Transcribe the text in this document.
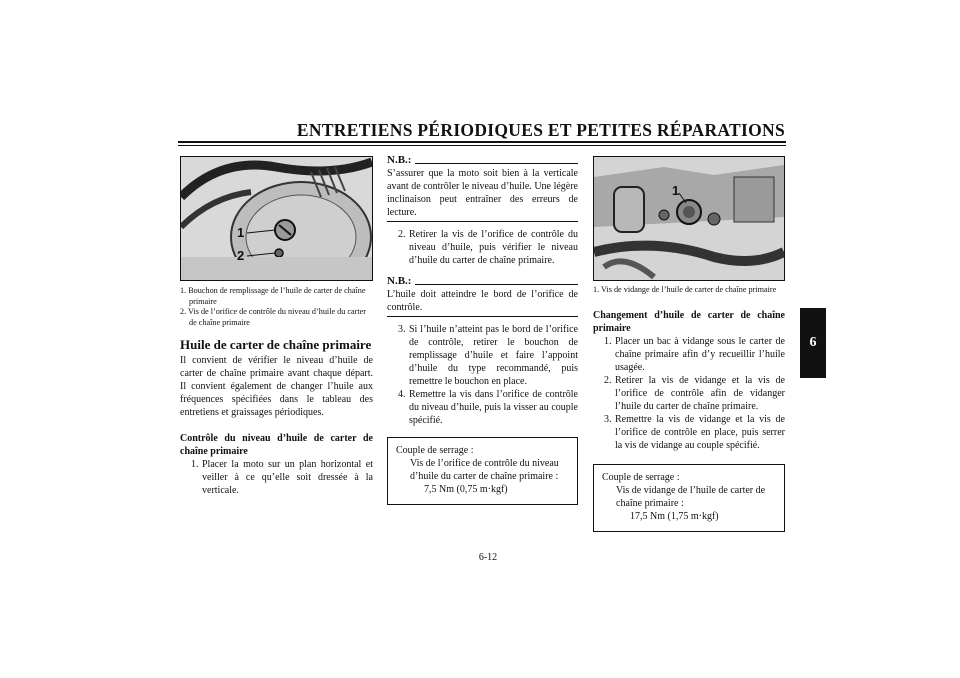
ENTRETIENS PÉRIODIQUES ET PETITES RÉPARATIONS
6
1
2
1. Bouchon de remplissage de l’huile de carter de chaîne primaire
2. Vis de l’orifice de contrôle du niveau d’huile du carter de chaîne primaire
Huile de carter de chaîne primaire

Il convient de vérifier le niveau d’huile de carter de chaîne primaire avant chaque départ. Il convient également de changer l’huile aux fréquences spécifiées dans le tableau des entretiens et graissages périodiques.

Contrôle du niveau d’huile de carter de chaîne primaire
1. Placer la moto sur un plan horizontal et veiller à ce qu’elle soit dressée à la verticale.
N.B.:

S’assurer que la moto soit bien à la verticale avant de contrôler le niveau d’huile. Une légère inclinaison peut entraîner des erreurs de lecture.

2. Retirer la vis de l’orifice de contrôle du niveau d’huile, puis vérifier le niveau d’huile du carter de chaîne primaire.
N.B.:

L’huile doit atteindre le bord de l’orifice de contrôle.

3. Si l’huile n’atteint pas le bord de l’orifice de contrôle, retirer le bouchon de remplissage d’huile et faire l’appoint d’huile du type recommandé, puis remettre le bouchon en place.
4. Remettre la vis dans l’orifice de contrôle du niveau d’huile, puis la visser au couple spécifié.
Couple de serrage :
Vis de l’orifice de contrôle du niveau d’huile du carter de chaîne primaire :
7,5 Nm (0,75 m·kgf)
1
1. Vis de vidange de l’huile de carter de chaîne primaire
Changement d’huile de carter de chaîne primaire
1. Placer un bac à vidange sous le carter de chaîne primaire afin d’y recueillir l’huile usagée.
2. Retirer la vis de vidange et la vis de l’orifice de contrôle afin de vidanger l’huile du carter de chaîne primaire.
3. Remettre la vis de vidange et la vis de l’orifice de contrôle en place, puis serrer la vis de vidange au couple spécifié.
Couple de serrage :
Vis de vidange de l’huile de carter de chaîne primaire :
17,5 Nm (1,75 m·kgf)
6-12
